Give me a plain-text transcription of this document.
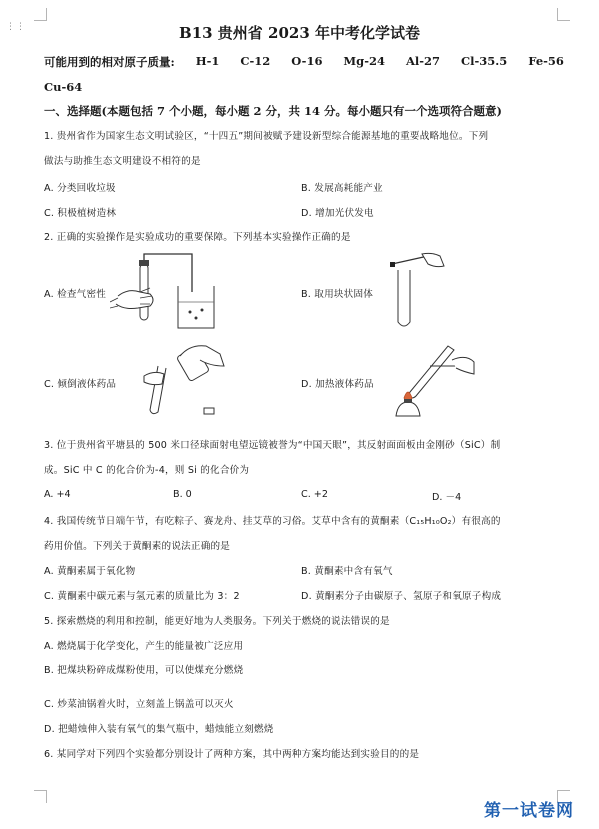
⋮⋮	B13 贵州省 2023 年中考化学试卷
可能用到的相对原子质量: H-1 C-12 O-16 Mg-24 Al-27 Cl-35.5 Fe-56
Cu-64
一、选择题(本题包括 7 个小题，每小题 2 分，共 14 分。每小题只有一个选项符合题意)
1. 贵州省作为国家生态文明试验区，“十四五”期间被赋予建设新型综合能源基地的重要战略地位。下列
做法与助推生态文明建设不相符的是
A. 分类回收垃圾	B. 发展高耗能产业
C. 积极植树造林	D. 增加光伏发电
2. 正确的实验操作是实验成功的重要保障。下列基本实验操作正确的是
A. 检查气密性	B. 取用块状固体
C. 倾倒液体药品	D. 加热液体药品
3. 位于贵州省平塘县的 500 米口径球面射电望远镜被誉为“中国天眼”，其反射面面板由金刚砂（SiC）制
成。SiC 中 C 的化合价为-4，则 Si 的化合价为
A. +4	B. 0	C. +2	D. －4
4. 我国传统节日端午节，有吃粽子、赛龙舟、挂艾草的习俗。艾草中含有的黄酮素（C₁₅H₁₀O₂）有很高的
药用价值。下列关于黄酮素的说法正确的是
A. 黄酮素属于氧化物	B. 黄酮素中含有氧气
C. 黄酮素中碳元素与氢元素的质量比为 3：2	D. 黄酮素分子由碳原子、氢原子和氧原子构成
5. 探索燃烧的利用和控制，能更好地为人类服务。下列关于燃烧的说法错误的是
A. 燃烧属于化学变化，产生的能量被广泛应用
B. 把煤块粉碎成煤粉使用，可以使煤充分燃烧
C. 炒菜油锅着火时，立刻盖上锅盖可以灭火
D. 把蜡烛伸入装有氧气的集气瓶中，蜡烛能立刻燃烧
6. 某同学对下列四个实验都分别设计了两种方案，其中两种方案均能达到实验目的的是
第一试卷网
